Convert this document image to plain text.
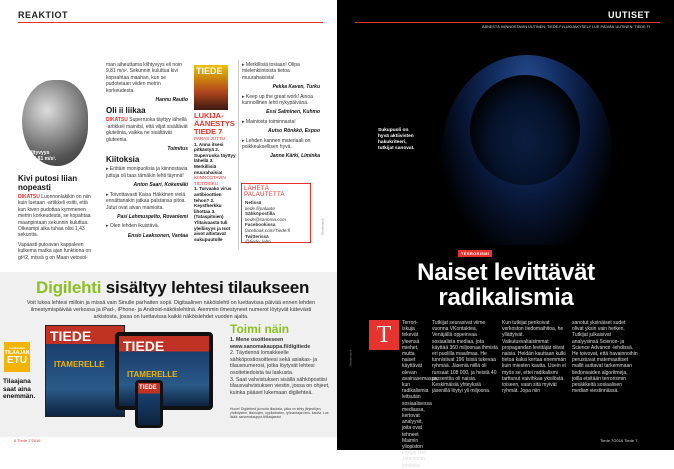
REAKTIOT
Kiiltyvyys
on 9,81 m/s².
Kivi putosi liian nopeasti

DIKATSU Luonnonlakikin on niin kuin luetaan -artikkeli esitti, että kun kiven pudottaa kymmenen metrin korkeudesta, se kopahtaa maanpintaan sekunnin kuluttua. Oikeampi aika tuhaa olisi 1,43 sekuntia.

Vapaasti putoavan kappaleen kulkema matka ajan funktiona on gt²/2, missä g on Maan vetovoi-

man aiheuttama kiihtyvyys eli noin 9,81 m/s². Sekunnin kuluttua kivi kopsahtaa maahan, kun se pudotetaan viiden metrin korkeudesta.

Hannu Rautio

Oli ii liikaa

DIKATSU Superruoka täyttyy lähellä -artikkeli mainitsi, että viljat sisältävät gluteiinia, vaikka ne sisältävät gluteenia.

Toimitus

Kiitoksia

▸ Erittäin monipuolisia ja kiinnostavia juttuja oli taas tämäkin lehti täynnä!

Anton Saari, Kokemäki

▸ Toivottavasti Kaisa Häkkinen vielä ennättanakin jatkaa palstansa pitoa. Jutut ovat aivan mainioita.

Pasi Lehmuspelto, Rovaniemi

▸ Olen lehden ikuistävä.

Ensio Laaksonen, Vantaa

TIEDE
LUKIJA-ÄÄNESTYS TIEDE 7
PARAS JUTTU
1. Anna itsesi pitkästyä 2. Superruoka täyttyy lähellä 3. Merkillisiä muurahaisia!
KIINNOSTAVIN TIETOISKU
1. Turvaako virus antibioottien tehon? 2. Keystherkku lihottaa 3. (Tataspitsien) Ylitaivaasta tuli yleiliisyys ja Isot aivot altistavat sukupuutolle

▸ Merkillisiä tosiaan! Olipa mielenkiintoista tietoa muurahaisista!

Pekka Kaven, Turku

▸ Keep up the great work! Ainoa kunnollinen lehti nykypäivänä.

Essi Salminen, Kuhmo

▸ Mainiosta toiminnasta!

Autso Rönkkö, Espoo

▸ Lehden kannen materiaali on poikkeuksellisen hyvä.

Janne Kärki, Liminka

LÄHETÄ PALAUTETTA
Netissä
tiede.fi/palaute
Sähköpostilla
tiede@sanoma.com
Facebookissa
facebook.com/Tiede.fi
Twitterissä
@tiede_lehti
Shutterstock
Digilehti sisältyy lehtesi tilaukseen
Voit lukea lehtesi milloin ja missä vain Sinulle parhaiten sopii. Digitaalinen näköislehti on luettavissa päivää ennen lehden ilmestymispäivää verkossa ja iPad-, iPhone- ja Android-näköislehtinä. Aiemmin ilmestyneet numerot löytyvät kätevästi arkistosta, jossa on luettavissa kaikki näköislehdet vuoden ajalta.
TIEDE
ITAMERELLE
TIEDE
ITAMERELLE
TIEDE
Kuukauden
TILAAJAN
ETU
Tilaajana saat aina enemmän.
Toimi näin
1. Mene osoitteeseen www.sanomakauppa.fi/digitiede
2. Täydennä lomakkeelle sähköpostiosoitteesi sekä asiakas- ja tilausnumerosi, jotka löytyvät lehtesi osoitetiedoista tai laskusta.
3. Saat vahvistuksen sisällä sähköpostiisi tilausvahvistuksen viestin, jossa on ohjeet, kuinka pääset lukemaan digilehteä.
Huom! Digilehteä ja muita tilauksia, jotka on tehty järjestöjen, yhdistysten, tilaimojen, oppilaitosten, työnantajan tms. kautta. Lue lisää: sanomakauppa.fi/tilaajaedut
6 Tiede 7/2016
UUTISET
ÄÄNESTÄ KIINNOSTAVIN UUTINEN: TIEDE.FI/LUKIJAKYSELY LUE PÄIVÄN UUTINEN: TIEDE.FI
Sukupuoli on
hyvä aktiivisten
hakukriteeri,
tutkijat sanovat.
TERRORISMI
Naiset levittävät
radikalismia
T	Terrori-iskuja tekevät yleensä miehet, mutta naiset käyttävät olevan avainasemassa, kun radikalismia leitsutan sosiaalisessa mediassa, kertovat analyysit, joita ovat tehneet Maimin yliopiston tutkijat Neil Johnsonin johdolla.
Tutkijat seurasivat viime vuonna VKontaktea, Venäjällä oppeinvaa sosiaalista mediaa, jota käyttää 360 miljoonaa ihmistä eri puolilla maailmaa. He tunnistivat 196 Isisiä tukevaa ryhmää. Jäseniä niillä oli runsaat 108 000, ja heistä 40 prosenttia oli naisia. Keskimäisiä yhteyksiä jäsenillä löytyi yli miljoona.
Kun tutkijat penkoivat verkoston tiedomaihitoa, he yllättyivät. Vaikutusvaltaisimmat propagandan levittäjät olivat naisia. Heidän kauttaan kulki tietoa kaksi kertaa enemmän kuin miesten kautta. Usein ei myös se, ettei radikalismi tarttunut vaivihkaa yksilöstä toiseen, vaan sitä myivät ryhmät. Jopa niin
sanotut yksinäiset sudet olivat yksin vain hetken. Tutkijat julkaisivat analyysinsä Science- ja Science Advance -lehdissä. He toivovat, että havainnoihin perustuvat matemaattiset mallit auttavat tarkemmaan tiedonsaiden algoritmeja, joilla etsitään terrorismin pesäkkeitä sosiaalisen median viestinnässä.
Shutterstock
Tiede 7/2016 Tiede 7
